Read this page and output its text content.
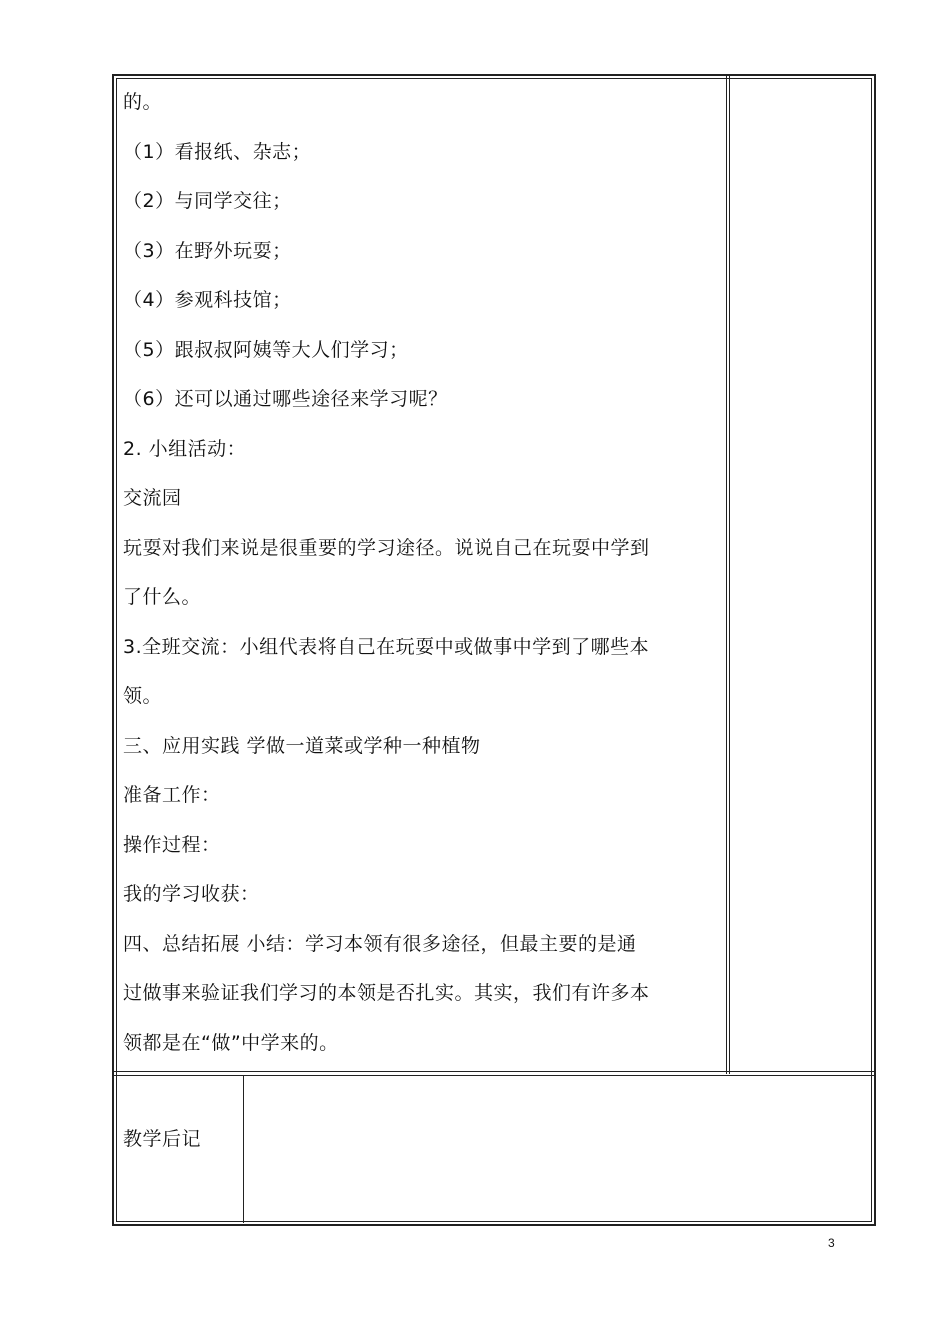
的。
（1）看报纸、杂志；
（2）与同学交往；
（3）在野外玩耍；
（4）参观科技馆；
（5）跟叔叔阿姨等大人们学习；
（6）还可以通过哪些途径来学习呢？
2. 小组活动：
交流园
玩耍对我们来说是很重要的学习途径。说说自己在玩耍中学到
了什么。
3.全班交流：小组代表将自己在玩耍中或做事中学到了哪些本
领。
三、应用实践 学做一道菜或学种一种植物
准备工作：
操作过程：
我的学习收获：
四、总结拓展 小结：学习本领有很多途径，但最主要的是通
过做事来验证我们学习的本领是否扎实。其实，我们有许多本
领都是在“做”中学来的。
教学后记
3
